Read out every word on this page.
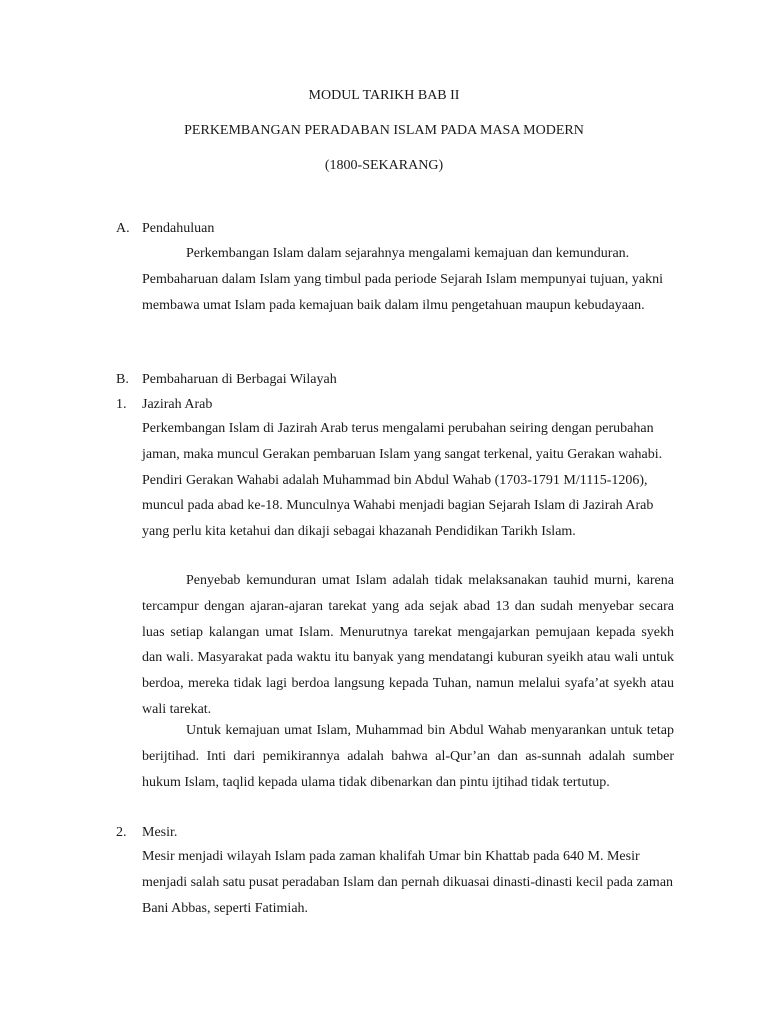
MODUL TARIKH BAB II
PERKEMBANGAN PERADABAN ISLAM PADA MASA MODERN
(1800-SEKARANG)
A. Pendahuluan

Perkembangan Islam dalam sejarahnya mengalami kemajuan dan kemunduran. Pembaharuan dalam Islam yang timbul pada periode Sejarah Islam mempunyai tujuan, yakni membawa umat Islam pada kemajuan baik dalam ilmu pengetahuan maupun kebudayaan.

B. Pembaharuan di Berbagai Wilayah
1. Jazirah Arab

Perkembangan Islam di Jazirah Arab terus mengalami perubahan seiring dengan perubahan jaman, maka muncul Gerakan pembaruan Islam yang sangat terkenal, yaitu Gerakan wahabi. Pendiri Gerakan Wahabi adalah Muhammad bin Abdul Wahab (1703-1791 M/1115-1206), muncul pada abad ke-18. Munculnya Wahabi menjadi bagian Sejarah Islam di Jazirah Arab yang perlu kita ketahui dan dikaji sebagai khazanah Pendidikan Tarikh Islam.

Penyebab kemunduran umat Islam adalah tidak melaksanakan tauhid murni, karena tercampur dengan ajaran-ajaran tarekat yang ada sejak abad 13 dan sudah menyebar secara luas setiap kalangan umat Islam. Menurutnya tarekat mengajarkan pemujaan kepada syekh dan wali. Masyarakat pada waktu itu banyak yang mendatangi kuburan syeikh atau wali untuk berdoa, mereka tidak lagi berdoa langsung kepada Tuhan, namun melalui syafa’at syekh atau wali tarekat.

Untuk kemajuan umat Islam, Muhammad bin Abdul Wahab menyarankan untuk tetap berijtihad. Inti dari pemikirannya adalah bahwa al-Qur’an dan as-sunnah adalah sumber hukum Islam, taqlid kepada ulama tidak dibenarkan dan pintu ijtihad tidak tertutup.

2. Mesir.

Mesir menjadi wilayah Islam pada zaman khalifah Umar bin Khattab pada 640 M. Mesir menjadi salah satu pusat peradaban Islam dan pernah dikuasai dinasti-dinasti kecil pada zaman Bani Abbas, seperti Fatimiah.
